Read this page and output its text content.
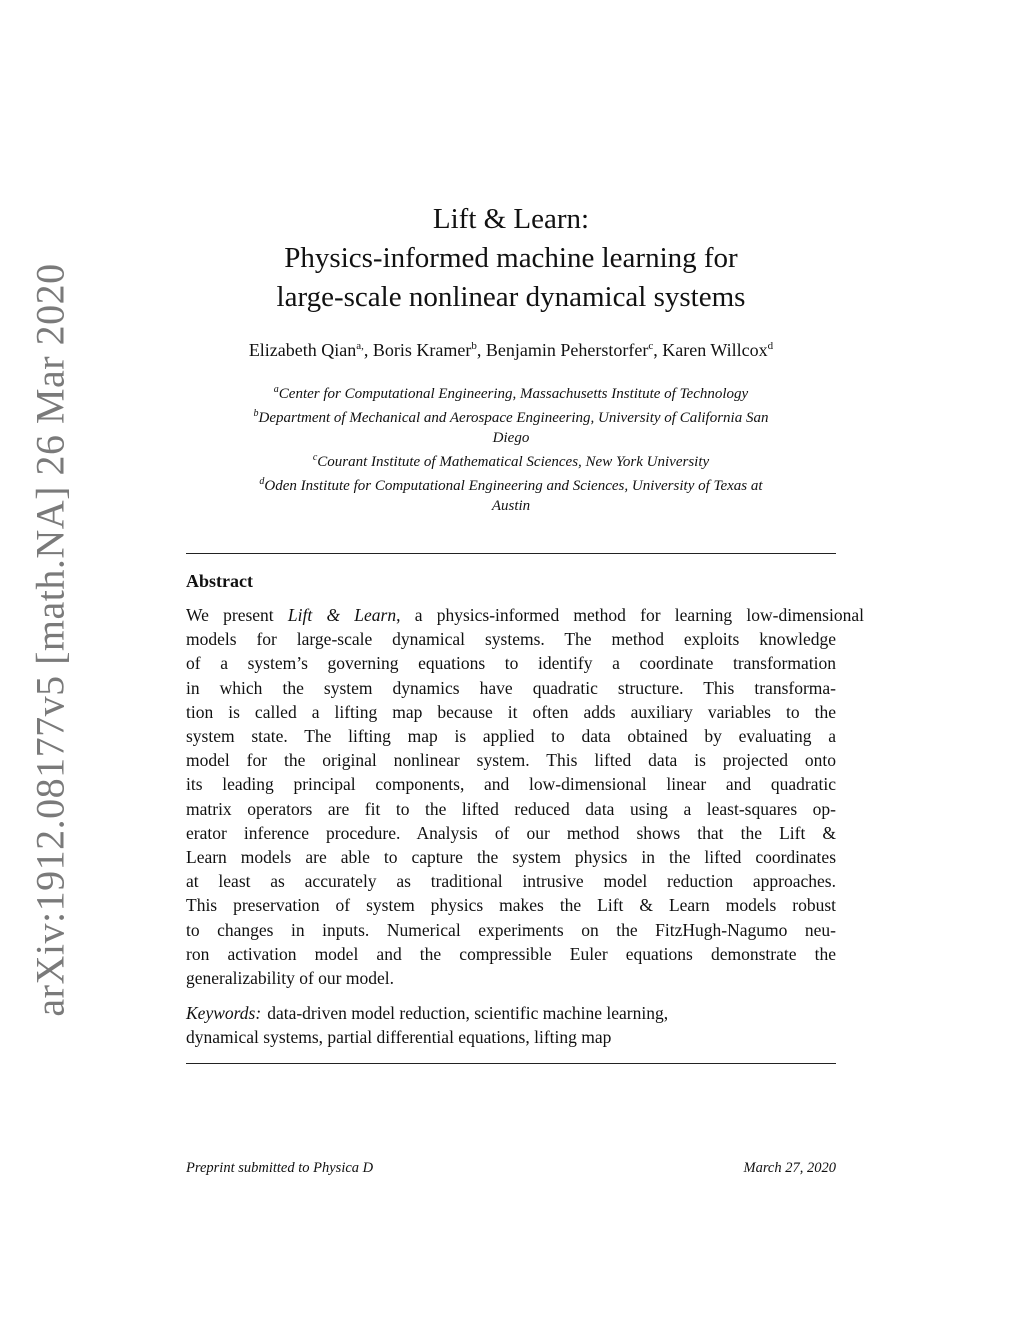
arXiv:1912.08177v5 [math.NA] 26 Mar 2020
Lift & Learn:
Physics-informed machine learning for
large-scale nonlinear dynamical systems
Elizabeth Qian$^{a,}$, Boris Kramer$^b$, Benjamin Peherstorfer$^c$, Karen Willcox$^d$
$^a$Center for Computational Engineering, Massachusetts Institute of Technology
$^b$Department of Mechanical and Aerospace Engineering, University of California San
Diego
$^c$Courant Institute of Mathematical Sciences, New York University
$^d$Oden Institute for Computational Engineering and Sciences, University of Texas at
Austin
Abstract
We present Lift & Learn, a physics-informed method for learning low-dimensional
models for large-scale dynamical systems. The method exploits knowledge
of a system’s governing equations to identify a coordinate transformation
in which the system dynamics have quadratic structure. This transforma-
tion is called a lifting map because it often adds auxiliary variables to the
system state. The lifting map is applied to data obtained by evaluating a
model for the original nonlinear system. This lifted data is projected onto
its leading principal components, and low-dimensional linear and quadratic
matrix operators are fit to the lifted reduced data using a least-squares op-
erator inference procedure. Analysis of our method shows that the Lift &
Learn models are able to capture the system physics in the lifted coordinates
at least as accurately as traditional intrusive model reduction approaches.
This preservation of system physics makes the Lift & Learn models robust
to changes in inputs. Numerical experiments on the FitzHugh-Nagumo neu-
ron activation model and the compressible Euler equations demonstrate the
generalizability of our model.
Keywords: data-driven model reduction, scientific machine learning,
dynamical systems, partial differential equations, lifting map
Preprint submitted to Physica D	March 27, 2020
